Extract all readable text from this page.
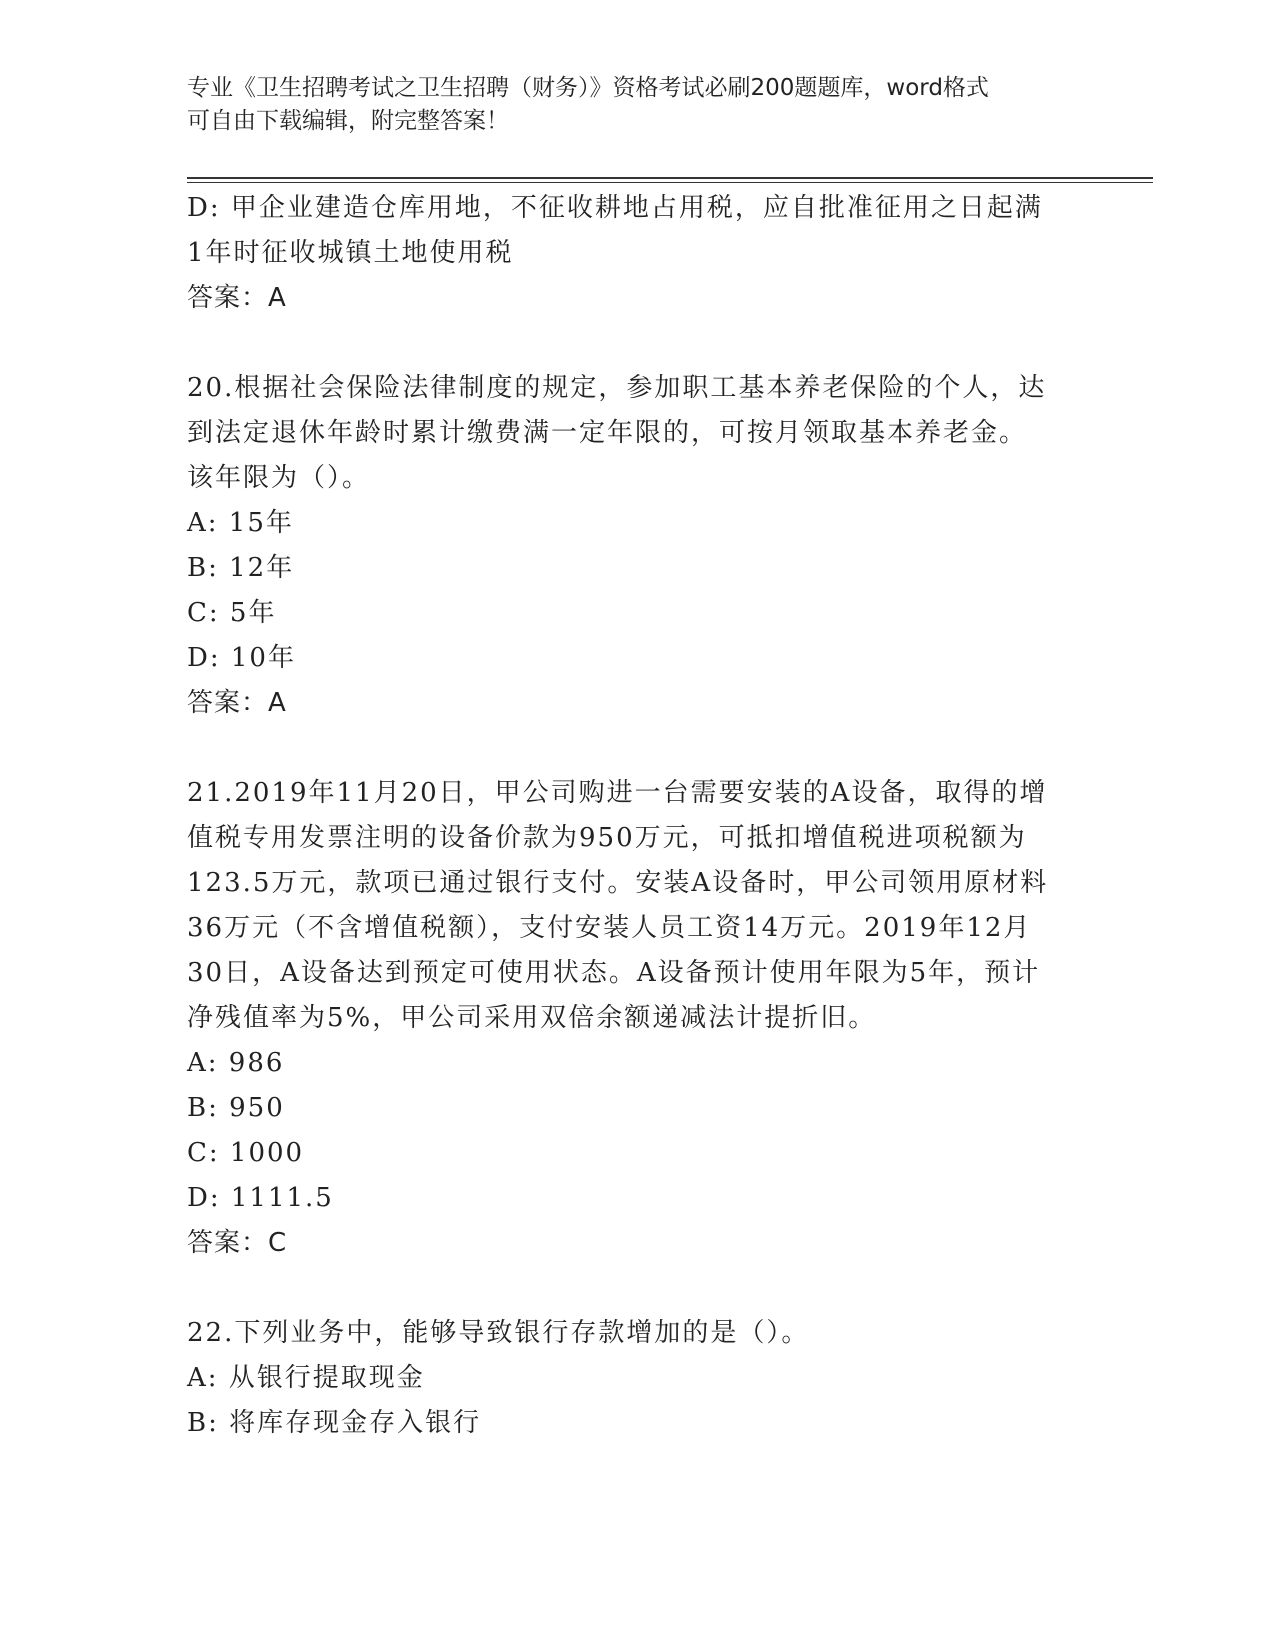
专业《卫生招聘考试之卫生招聘（财务）》资格考试必刷200题题库，word格式
可自由下载编辑，附完整答案！

D: 甲企业建造仓库用地，不征收耕地占用税，应自批准征用之日起满

1年时征收城镇土地使用税

答案：A

20.根据社会保险法律制度的规定，参加职工基本养老保险的个人，达

到法定退休年龄时累计缴费满一定年限的，可按月领取基本养老金。

该年限为（）。

A: 15年

B: 12年

C: 5年

D: 10年

答案：A

21.2019年11月20日，甲公司购进一台需要安装的A设备，取得的增

值税专用发票注明的设备价款为950万元，可抵扣增值税进项税额为

123.5万元，款项已通过银行支付。安装A设备时，甲公司领用原材料

36万元（不含增值税额），支付安装人员工资14万元。2019年12月

30日，A设备达到预定可使用状态。A设备预计使用年限为5年，预计

净残值率为5%，甲公司采用双倍余额递减法计提折旧。

A: 986

B: 950

C: 1000

D: 1111.5

答案：C

22.下列业务中，能够导致银行存款增加的是（）。

A: 从银行提取现金

B: 将库存现金存入银行
